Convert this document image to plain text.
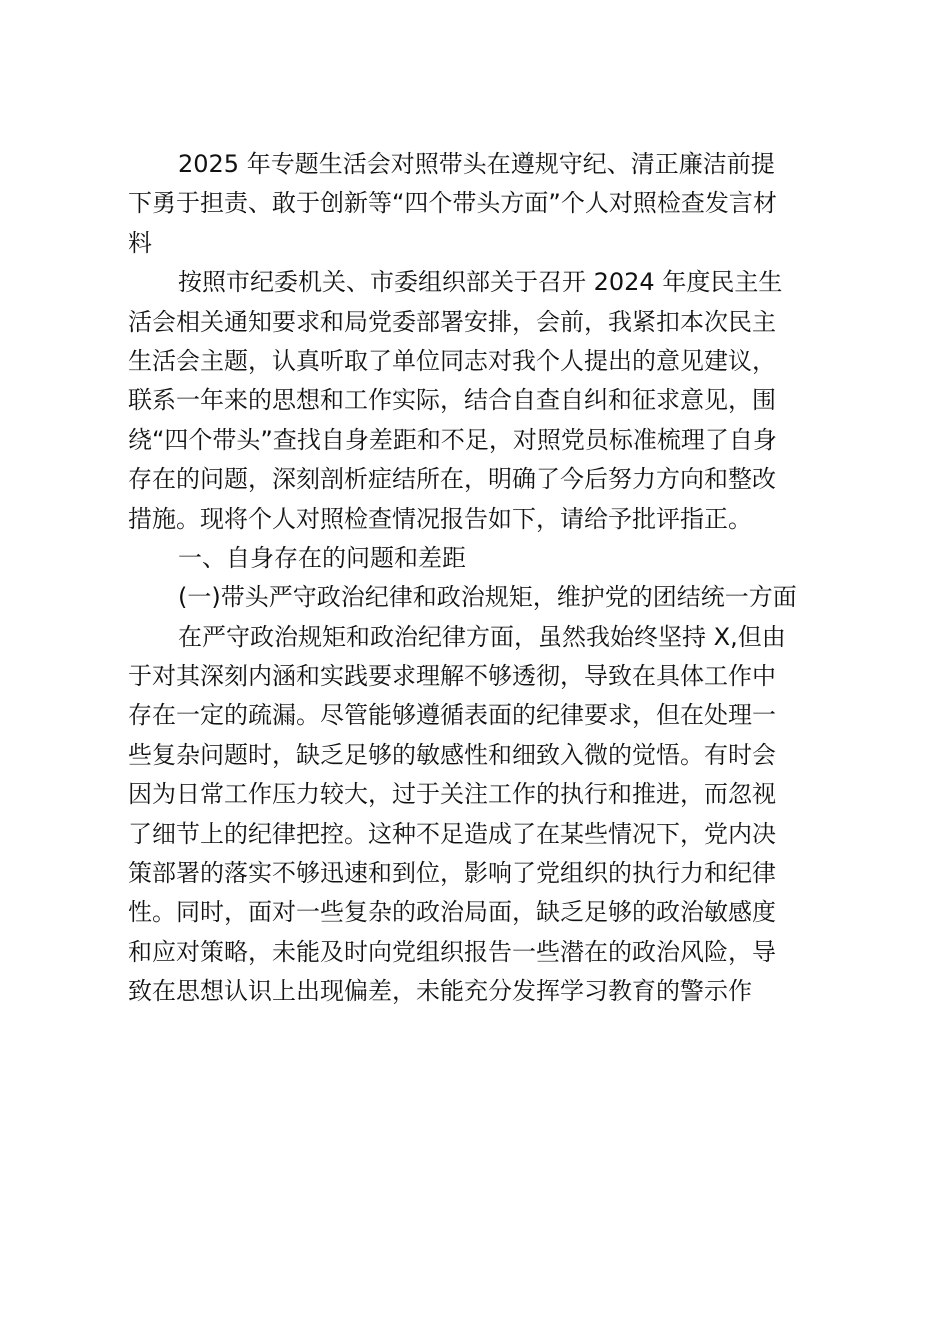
2025 年专题生活会对照带头在遵规守纪、清正廉洁前提
下勇于担责、敢于创新等“四个带头方面”个人对照检查发言材
料
按照市纪委机关、市委组织部关于召开 2024 年度民主生
活会相关通知要求和局党委部署安排，会前，我紧扣本次民主
生活会主题，认真听取了单位同志对我个人提出的意见建议，
联系一年来的思想和工作实际，结合自查自纠和征求意见，围
绕“四个带头”查找自身差距和不足，对照党员标准梳理了自身
存在的问题，深刻剖析症结所在，明确了今后努力方向和整改
措施。现将个人对照检查情况报告如下，请给予批评指正。
一、自身存在的问题和差距
(一)带头严守政治纪律和政治规矩，维护党的团结统一方面
在严守政治规矩和政治纪律方面，虽然我始终坚持 X,但由
于对其深刻内涵和实践要求理解不够透彻，导致在具体工作中
存在一定的疏漏。尽管能够遵循表面的纪律要求，但在处理一
些复杂问题时，缺乏足够的敏感性和细致入微的觉悟。有时会
因为日常工作压力较大，过于关注工作的执行和推进，而忽视
了细节上的纪律把控。这种不足造成了在某些情况下，党内决
策部署的落实不够迅速和到位，影响了党组织的执行力和纪律
性。同时，面对一些复杂的政治局面，缺乏足够的政治敏感度
和应对策略，未能及时向党组织报告一些潜在的政治风险，导
致在思想认识上出现偏差，未能充分发挥学习教育的警示作
